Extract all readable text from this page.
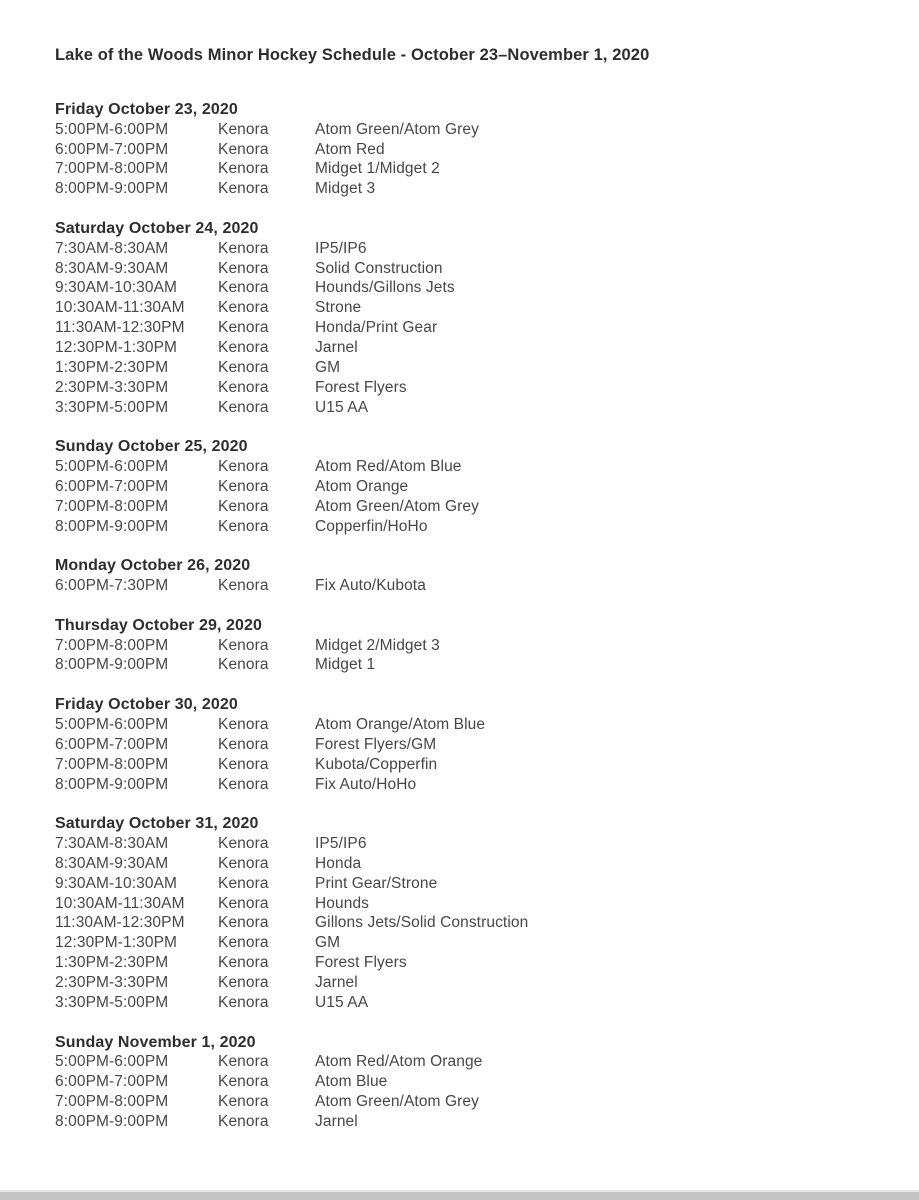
Lake of the Woods Minor Hockey Schedule - October 23–November 1, 2020
Friday October 23, 2020
5:00PM-6:00PM	Kenora	Atom Green/Atom Grey
6:00PM-7:00PM	Kenora	Atom Red
7:00PM-8:00PM	Kenora	Midget 1/Midget 2
8:00PM-9:00PM	Kenora	Midget 3
Saturday October 24, 2020
7:30AM-8:30AM	Kenora	IP5/IP6
8:30AM-9:30AM	Kenora	Solid Construction
9:30AM-10:30AM	Kenora	Hounds/Gillons Jets
10:30AM-11:30AM	Kenora	Strone
11:30AM-12:30PM	Kenora	Honda/Print Gear
12:30PM-1:30PM	Kenora	Jarnel
1:30PM-2:30PM	Kenora	GM
2:30PM-3:30PM	Kenora	Forest Flyers
3:30PM-5:00PM	Kenora	U15 AA
Sunday October 25, 2020
5:00PM-6:00PM	Kenora	Atom Red/Atom Blue
6:00PM-7:00PM	Kenora	Atom Orange
7:00PM-8:00PM	Kenora	Atom Green/Atom Grey
8:00PM-9:00PM	Kenora	Copperfin/HoHo
Monday October 26, 2020
6:00PM-7:30PM	Kenora	Fix Auto/Kubota
Thursday October 29, 2020
7:00PM-8:00PM	Kenora	Midget 2/Midget 3
8:00PM-9:00PM	Kenora	Midget 1
Friday October 30, 2020
5:00PM-6:00PM	Kenora	Atom Orange/Atom Blue
6:00PM-7:00PM	Kenora	Forest Flyers/GM
7:00PM-8:00PM	Kenora	Kubota/Copperfin
8:00PM-9:00PM	Kenora	Fix Auto/HoHo
Saturday October 31, 2020
7:30AM-8:30AM	Kenora	IP5/IP6
8:30AM-9:30AM	Kenora	Honda
9:30AM-10:30AM	Kenora	Print Gear/Strone
10:30AM-11:30AM	Kenora	Hounds
11:30AM-12:30PM	Kenora	Gillons Jets/Solid Construction
12:30PM-1:30PM	Kenora	GM
1:30PM-2:30PM	Kenora	Forest Flyers
2:30PM-3:30PM	Kenora	Jarnel
3:30PM-5:00PM	Kenora	U15 AA
Sunday November 1, 2020
5:00PM-6:00PM	Kenora	Atom Red/Atom Orange
6:00PM-7:00PM	Kenora	Atom Blue
7:00PM-8:00PM	Kenora	Atom Green/Atom Grey
8:00PM-9:00PM	Kenora	Jarnel
